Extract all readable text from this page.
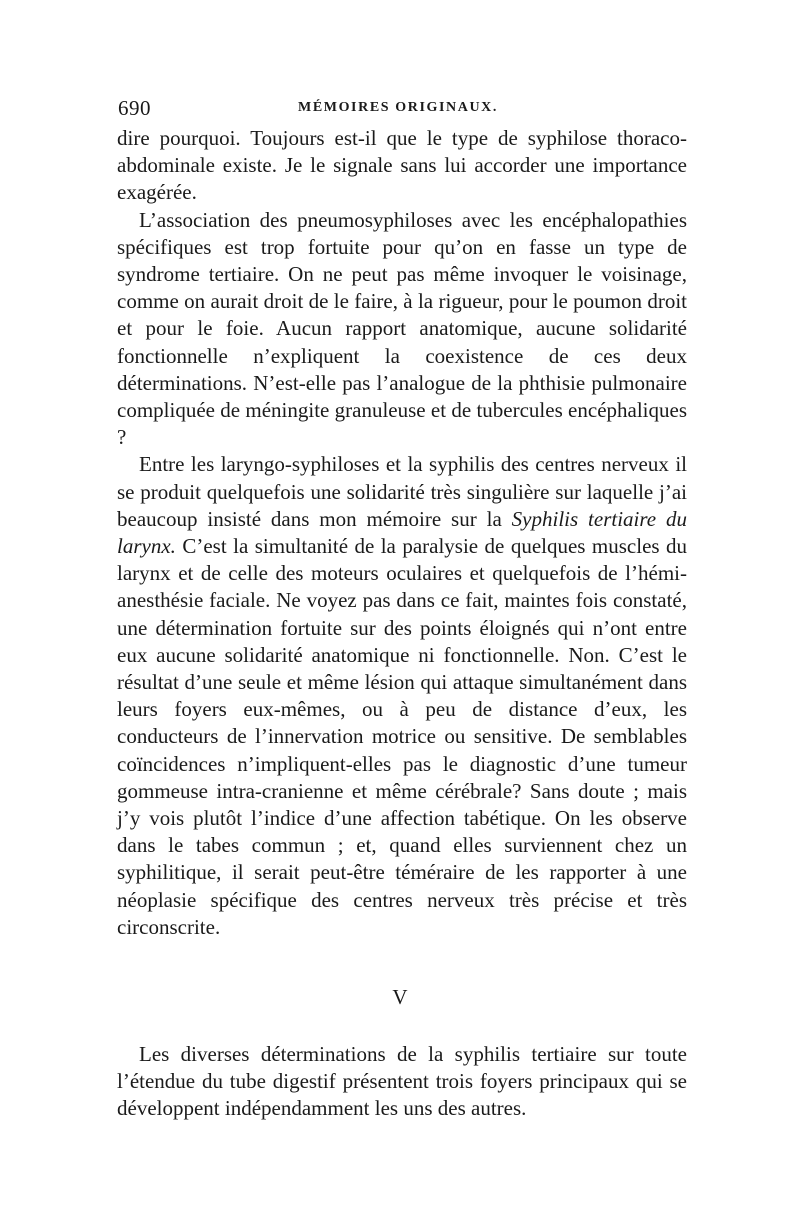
690	MÉMOIRES ORIGINAUX.

dire pourquoi. Toujours est-il que le type de syphilose thoraco-abdominale existe. Je le signale sans lui accorder une importance exagérée.

L’association des pneumosyphiloses avec les encéphalopathies spécifiques est trop fortuite pour qu’on en fasse un type de syndrome tertiaire. On ne peut pas même invoquer le voisinage, comme on aurait droit de le faire, à la rigueur, pour le poumon droit et pour le foie. Aucun rapport anatomique, aucune solidarité fonctionnelle n’expliquent la coexistence de ces deux déterminations. N’est-elle pas l’analogue de la phthisie pulmonaire compliquée de méningite granuleuse et de tubercules encéphaliques ?

Entre les laryngo-syphiloses et la syphilis des centres nerveux il se produit quelquefois une solidarité très singulière sur laquelle j’ai beaucoup insisté dans mon mémoire sur la Syphilis tertiaire du larynx. C’est la simultanité de la paralysie de quelques muscles du larynx et de celle des moteurs oculaires et quelquefois de l’hémi-anesthésie faciale. Ne voyez pas dans ce fait, maintes fois constaté, une détermination fortuite sur des points éloignés qui n’ont entre eux aucune solidarité anatomique ni fonctionnelle. Non. C’est le résultat d’une seule et même lésion qui attaque simultanément dans leurs foyers eux-mêmes, ou à peu de distance d’eux, les conducteurs de l’innervation motrice ou sensitive. De semblables coïncidences n’impliquent-elles pas le diagnostic d’une tumeur gommeuse intra-cranienne et même cérébrale? Sans doute ; mais j’y vois plutôt l’indice d’une affection tabétique. On les observe dans le tabes commun ; et, quand elles surviennent chez un syphilitique, il serait peut-être téméraire de les rapporter à une néoplasie spécifique des centres nerveux très précise et très circonscrite.

V

Les diverses déterminations de la syphilis tertiaire sur toute l’étendue du tube digestif présentent trois foyers principaux qui se développent indépendamment les uns des autres.
